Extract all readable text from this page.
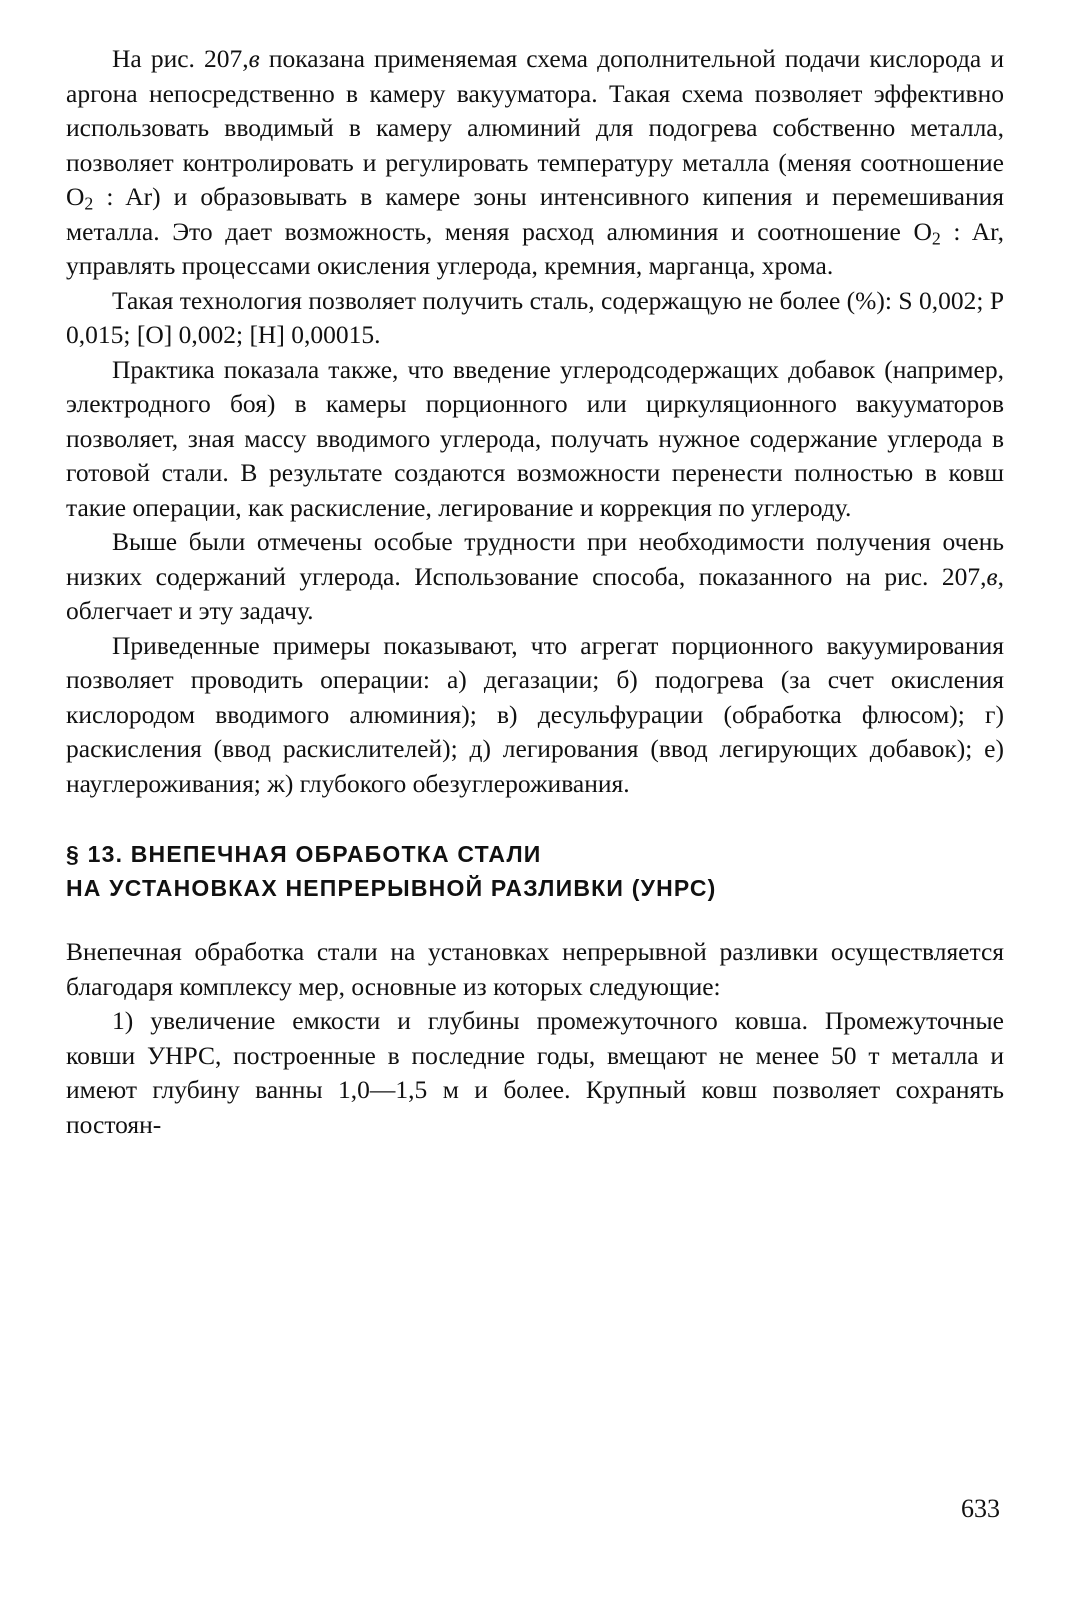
На рис. 207,в показана применяемая схема дополнительной подачи кислорода и аргона непосредственно в камеру вакууматора. Такая схема позволяет эффективно использовать вводимый в камеру алюминий для подогрева собственно металла, позволяет контролировать и регулировать температуру металла (меняя соотношение $O_2$ : Ar) и образовывать в камере зоны интенсивного кипения и перемешивания металла. Это дает возможность, меняя расход алюминия и соотношение $O_2$ : Ar, управлять процессами окисления углерода, кремния, марганца, хрома.

Такая технология позволяет получить сталь, содержащую не более (%): S 0,002; P 0,015; [O] 0,002; [H] 0,00015.

Практика показала также, что введение углеродсодержащих добавок (например, электродного боя) в камеры порционного или циркуляционного вакууматоров позволяет, зная массу вводимого углерода, получать нужное содержание углерода в готовой стали. В результате создаются возможности перенести полностью в ковш такие операции, как раскисление, легирование и коррекция по углероду.

Выше были отмечены особые трудности при необходимости получения очень низких содержаний углерода. Использование способа, показанного на рис. 207,в, облегчает и эту задачу.

Приведенные примеры показывают, что агрегат порционного вакуумирования позволяет проводить операции: а) дегазации; б) подогрева (за счет окисления кислородом вводимого алюминия); в) десульфурации (обработка флюсом); г) раскисления (ввод раскислителей); д) легирования (ввод легирующих добавок); е) науглероживания; ж) глубокого обезуглероживания.

§ 13. ВНЕПЕЧНАЯ ОБРАБОТКА СТАЛИ
НА УСТАНОВКАХ НЕПРЕРЫВНОЙ РАЗЛИВКИ (УНРС)

Внепечная обработка стали на установках непрерывной разливки осуществляется благодаря комплексу мер, основные из которых следующие:

1) увеличение емкости и глубины промежуточного ковша. Промежуточные ковши УНРС, построенные в последние годы, вмещают не менее 50 т металла и имеют глубину ванны 1,0—1,5 м и более. Крупный ковш позволяет сохранять постоян-

633
